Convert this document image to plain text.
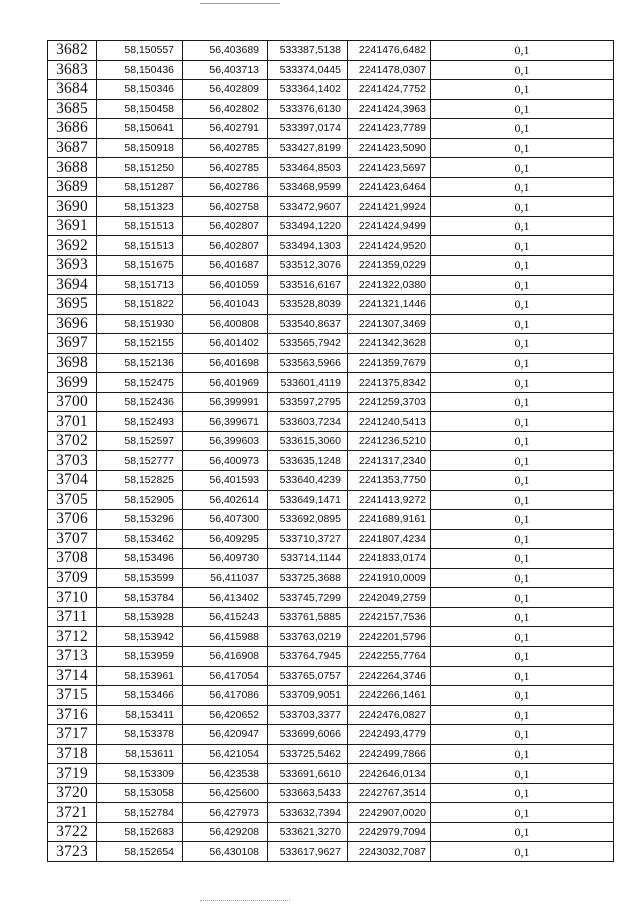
3682	58,150557	56,403689	533387,5138	2241476,6482	0,1
3683	58,150436	56,403713	533374,0445	2241478,0307	0,1
3684	58,150346	56,402809	533364,1402	2241424,7752	0,1
3685	58,150458	56,402802	533376,6130	2241424,3963	0,1
3686	58,150641	56,402791	533397,0174	2241423,7789	0,1
3687	58,150918	56,402785	533427,8199	2241423,5090	0,1
3688	58,151250	56,402785	533464,8503	2241423,5697	0,1
3689	58,151287	56,402786	533468,9599	2241423,6464	0,1
3690	58,151323	56,402758	533472,9607	2241421,9924	0,1
3691	58,151513	56,402807	533494,1220	2241424,9499	0,1
3692	58,151513	56,402807	533494,1303	2241424,9520	0,1
3693	58,151675	56,401687	533512,3076	2241359,0229	0,1
3694	58,151713	56,401059	533516,6167	2241322,0380	0,1
3695	58,151822	56,401043	533528,8039	2241321,1446	0,1
3696	58,151930	56,400808	533540,8637	2241307,3469	0,1
3697	58,152155	56,401402	533565,7942	2241342,3628	0,1
3698	58,152136	56,401698	533563,5966	2241359,7679	0,1
3699	58,152475	56,401969	533601,4119	2241375,8342	0,1
3700	58,152436	56,399991	533597,2795	2241259,3703	0,1
3701	58,152493	56,399671	533603,7234	2241240,5413	0,1
3702	58,152597	56,399603	533615,3060	2241236,5210	0,1
3703	58,152777	56,400973	533635,1248	2241317,2340	0,1
3704	58,152825	56,401593	533640,4239	2241353,7750	0,1
3705	58,152905	56,402614	533649,1471	2241413,9272	0,1
3706	58,153296	56,407300	533692,0895	2241689,9161	0,1
3707	58,153462	56,409295	533710,3727	2241807,4234	0,1
3708	58,153496	56,409730	533714,1144	2241833,0174	0,1
3709	58,153599	56,411037	533725,3688	2241910,0009	0,1
3710	58,153784	56,413402	533745,7299	2242049,2759	0,1
3711	58,153928	56,415243	533761,5885	2242157,7536	0,1
3712	58,153942	56,415988	533763,0219	2242201,5796	0,1
3713	58,153959	56,416908	533764,7945	2242255,7764	0,1
3714	58,153961	56,417054	533765,0757	2242264,3746	0,1
3715	58,153466	56,417086	533709,9051	2242266,1461	0,1
3716	58,153411	56,420652	533703,3377	2242476,0827	0,1
3717	58,153378	56,420947	533699,6066	2242493,4779	0,1
3718	58,153611	56,421054	533725,5462	2242499,7866	0,1
3719	58,153309	56,423538	533691,6610	2242646,0134	0,1
3720	58,153058	56,425600	533663,5433	2242767,3514	0,1
3721	58,152784	56,427973	533632,7394	2242907,0020	0,1
3722	58,152683	56,429208	533621,3270	2242979,7094	0,1
3723	58,152654	56,430108	533617,9627	2243032,7087	0,1
